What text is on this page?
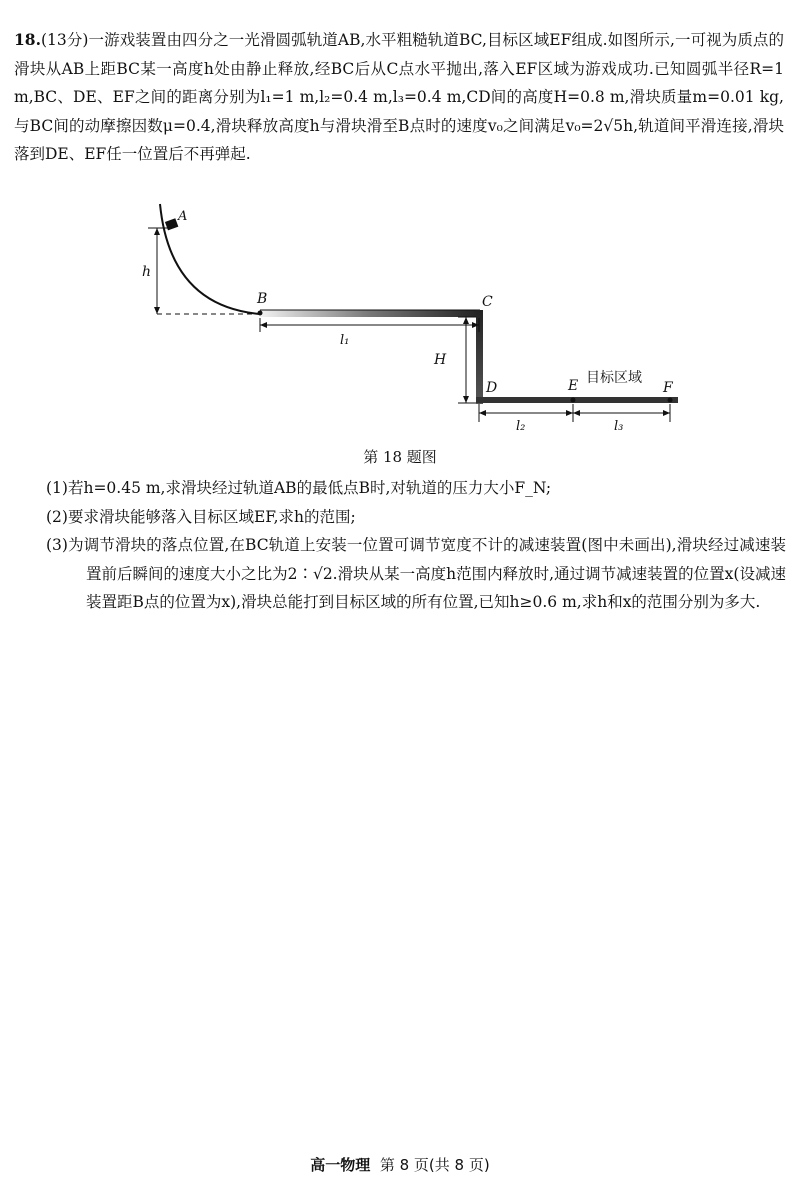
18.(13分)一游戏装置由四分之一光滑圆弧轨道AB,水平粗糙轨道BC,目标区域EF组成.如图所示,一可视为质点的滑块从AB上距BC某一高度h处由静止释放,经BC后从C点水平抛出,落入EF区域为游戏成功.已知圆弧半径R=1 m,BC、DE、EF之间的距离分别为l₁=1 m,l₂=0.4 m,l₃=0.4 m,CD间的高度H=0.8 m,滑块质量m=0.01 kg,与BC间的动摩擦因数μ=0.4,滑块释放高度h与滑块滑至B点时的速度v₀之间满足v₀=2√5h,轨道间平滑连接,滑块落到DE、EF任一位置后不再弹起.
A
h
B	C
l₁
H
D	E	F
目标区域
l₂	l₃
第 18 题图

(1)若h=0.45 m,求滑块经过轨道AB的最低点B时,对轨道的压力大小F_N;

(2)要求滑块能够落入目标区域EF,求h的范围;

(3)为调节滑块的落点位置,在BC轨道上安装一位置可调节宽度不计的减速装置(图中未画出),滑块经过减速装置前后瞬间的速度大小之比为2∶√2.滑块从某一高度h范围内释放时,通过调节减速装置的位置x(设减速装置距B点的位置为x),滑块总能打到目标区域的所有位置,已知h≥0.6 m,求h和x的范围分别为多大.

高一物理 第 8 页(共 8 页)
